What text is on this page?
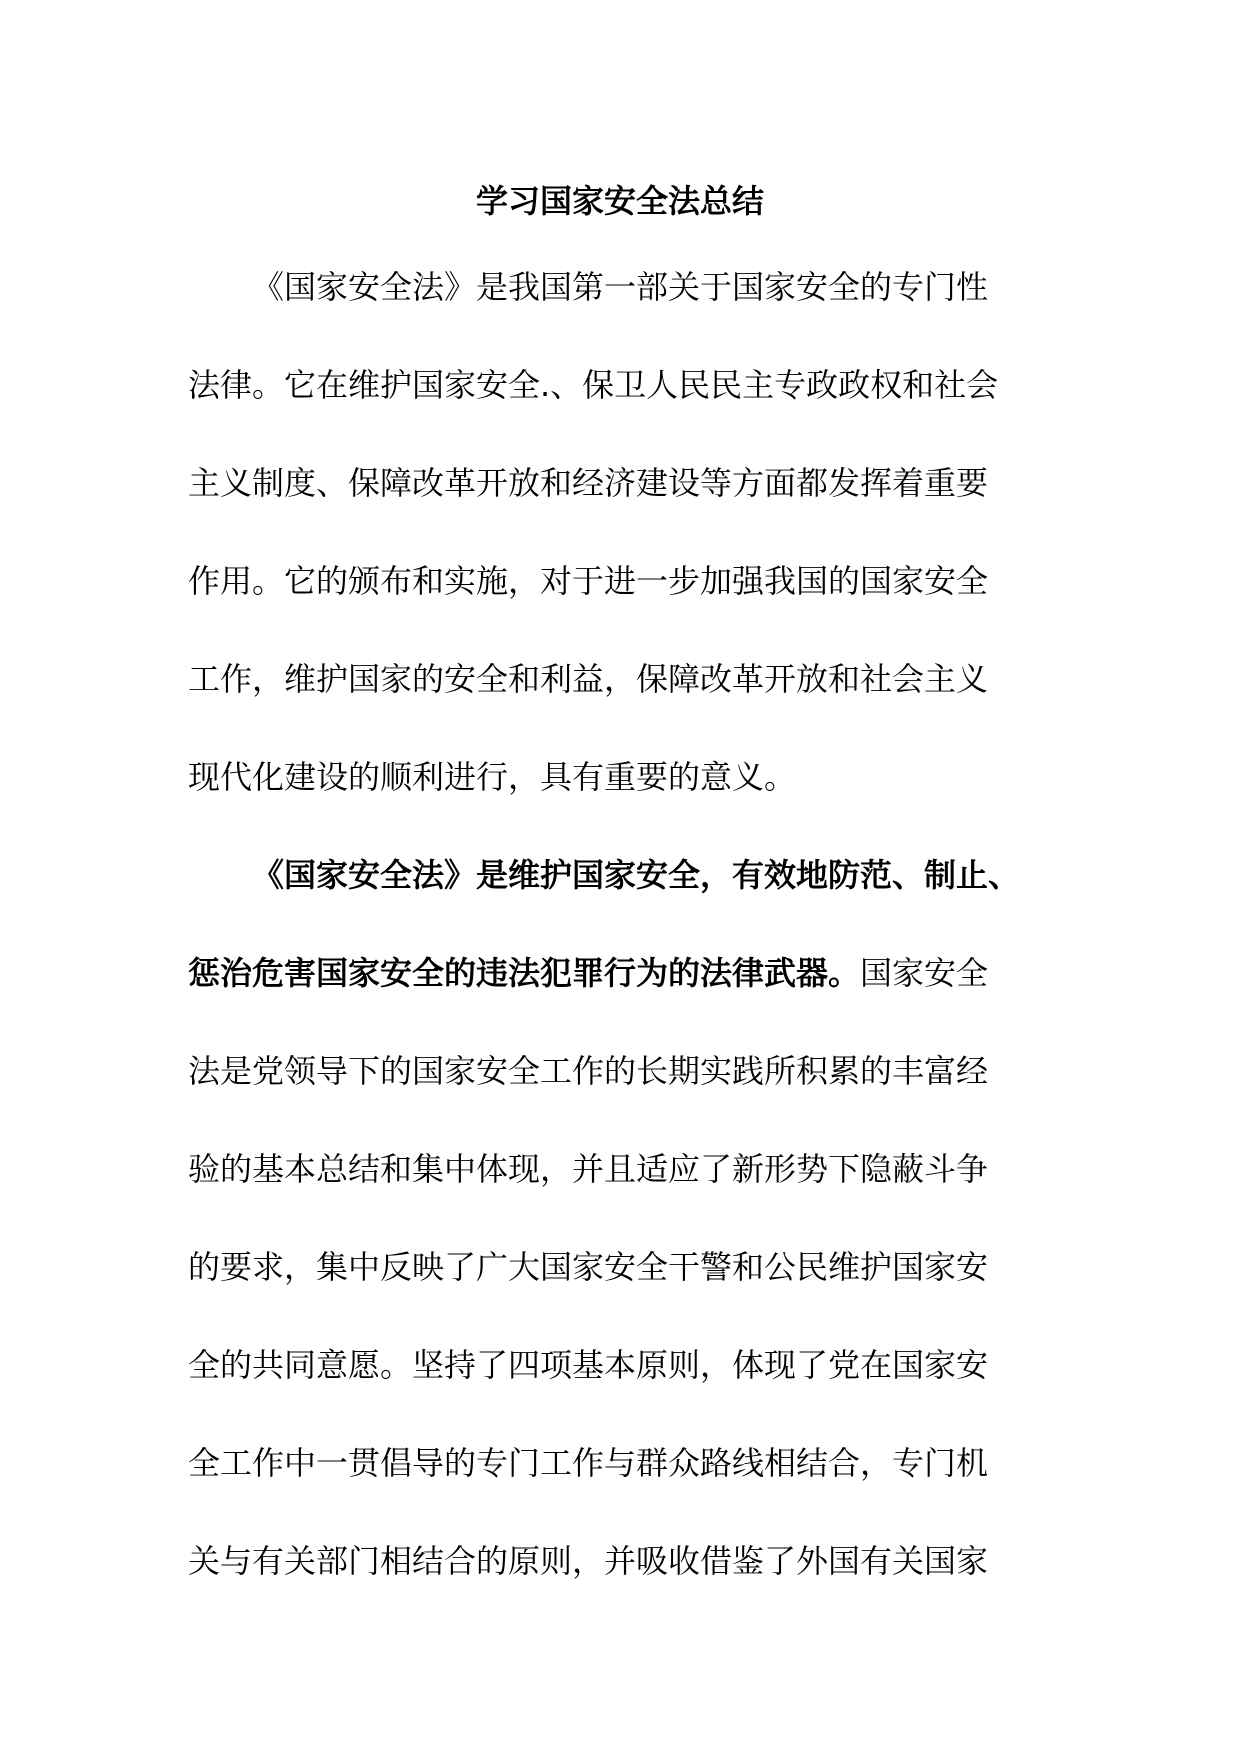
学习国家安全法总结
《国家安全法》是我国第一部关于国家安全的专门性
法律。它在维护国家安全.、保卫人民民主专政政权和社会
主义制度、保障改革开放和经济建设等方面都发挥着重要
作用。它的颁布和实施，对于进一步加强我国的国家安全
工作，维护国家的安全和利益，保障改革开放和社会主义
现代化建设的顺利进行，具有重要的意义。
《国家安全法》是维护国家安全，有效地防范、制止、
惩治危害国家安全的违法犯罪行为的法律武器。国家安全
法是党领导下的国家安全工作的长期实践所积累的丰富经
验的基本总结和集中体现，并且适应了新形势下隐蔽斗争
的要求，集中反映了广大国家安全干警和公民维护国家安
全的共同意愿。坚持了四项基本原则，体现了党在国家安
全工作中一贯倡导的专门工作与群众路线相结合，专门机
关与有关部门相结合的原则，并吸收借鉴了外国有关国家
